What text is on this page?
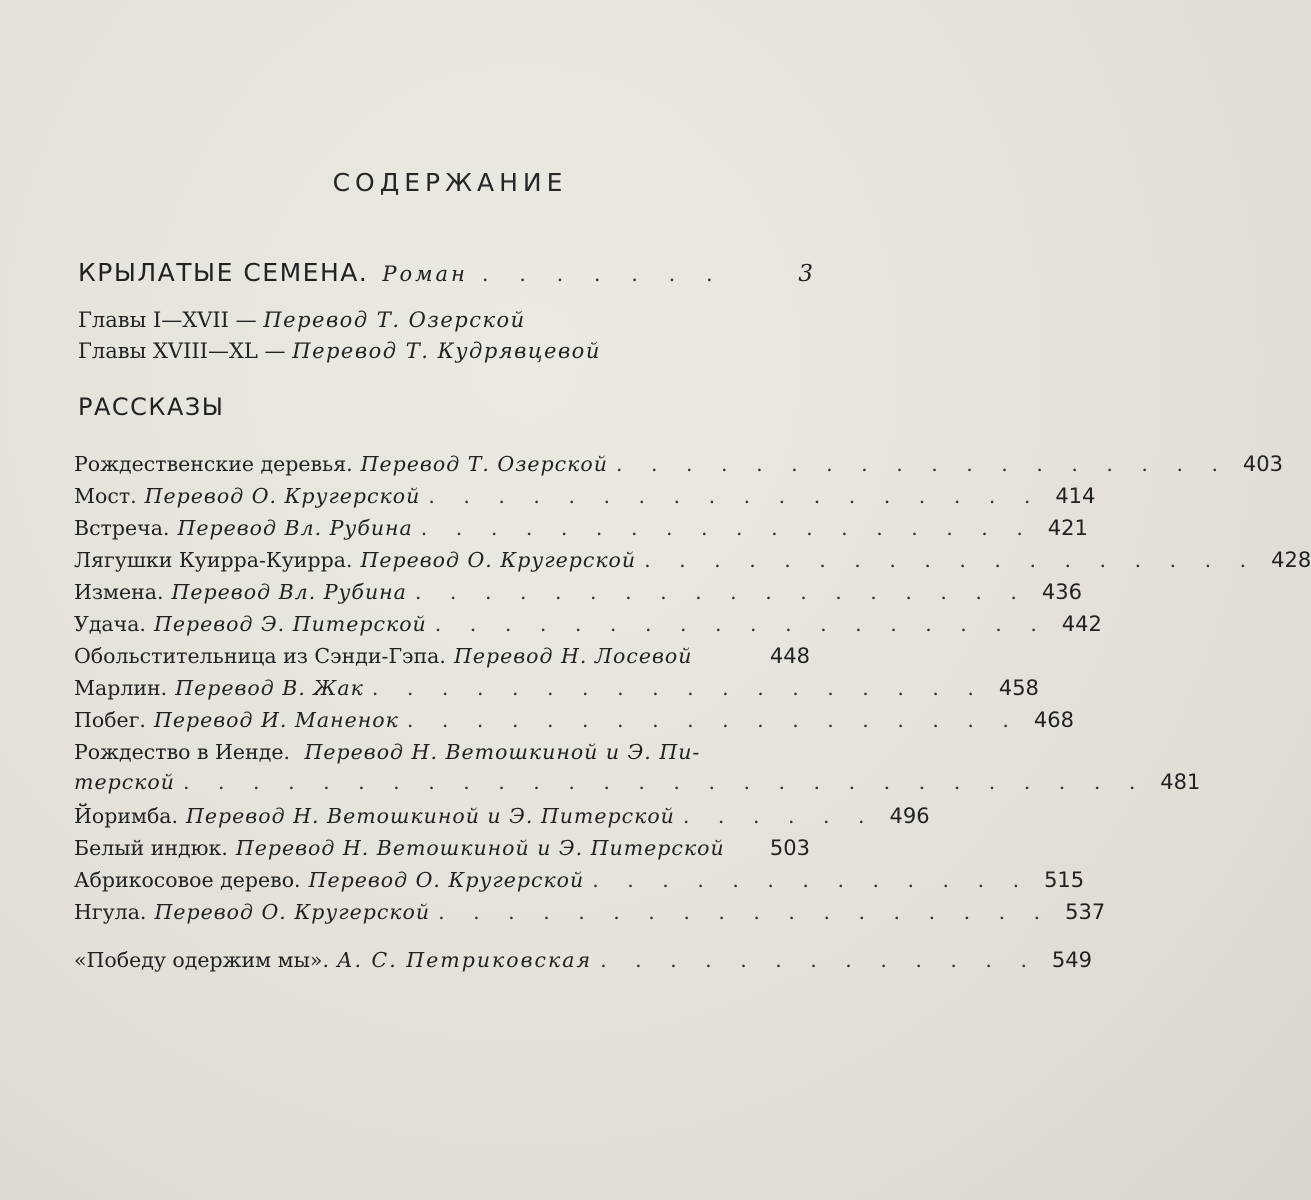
СОДЕРЖАНИЕ
КРЫЛАТЫЕ СЕМЕНА. Роман . . . . . . .	3
Главы I—XVII — Перевод Т. Озерской
Главы XVIII—XL — Перевод Т. Кудрявцевой
РАССКАЗЫ
Рождественские деревья. Перевод Т. Озерской . . . . . . . . . . . . . . . . . . 403
Мост. Перевод О. Кругерской . . . . . . . . . . . . . . . . . . 414
Встреча. Перевод Вл. Рубина . . . . . . . . . . . . . . . . . . 421
Лягушки Куирра-Куирра. Перевод О. Кругерской . . . . . . . . . . . . . . . . . . 428
Измена. Перевод Вл. Рубина . . . . . . . . . . . . . . . . . . 436
Удача. Перевод Э. Питерской . . . . . . . . . . . . . . . . . . 442
Обольстительница из Сэнди-Гэпа. Перевод Н. Лосевой	448
Марлин. Перевод В. Жак . . . . . . . . . . . . . . . . . . 458
Побег. Перевод И. Маненок . . . . . . . . . . . . . . . . . . 468
Рождество в Иенде. Перевод Н. Ветошкиной и Э. Пи-
терской . . . . . . . . . . . . . . . . . . . . . . . . . . . . 481
Йоримба. Перевод Н. Ветошкиной и Э. Питерской . . . . . . 496
Белый индюк. Перевод Н. Ветошкиной и Э. Питерской	503
Абрикосовое дерево. Перевод О. Кругерской . . . . . . . . . . . . . 515
Нгула. Перевод О. Кругерской . . . . . . . . . . . . . . . . . . 537
«Победу одержим мы». А. С. Петриковская . . . . . . . . . . . . . 549
